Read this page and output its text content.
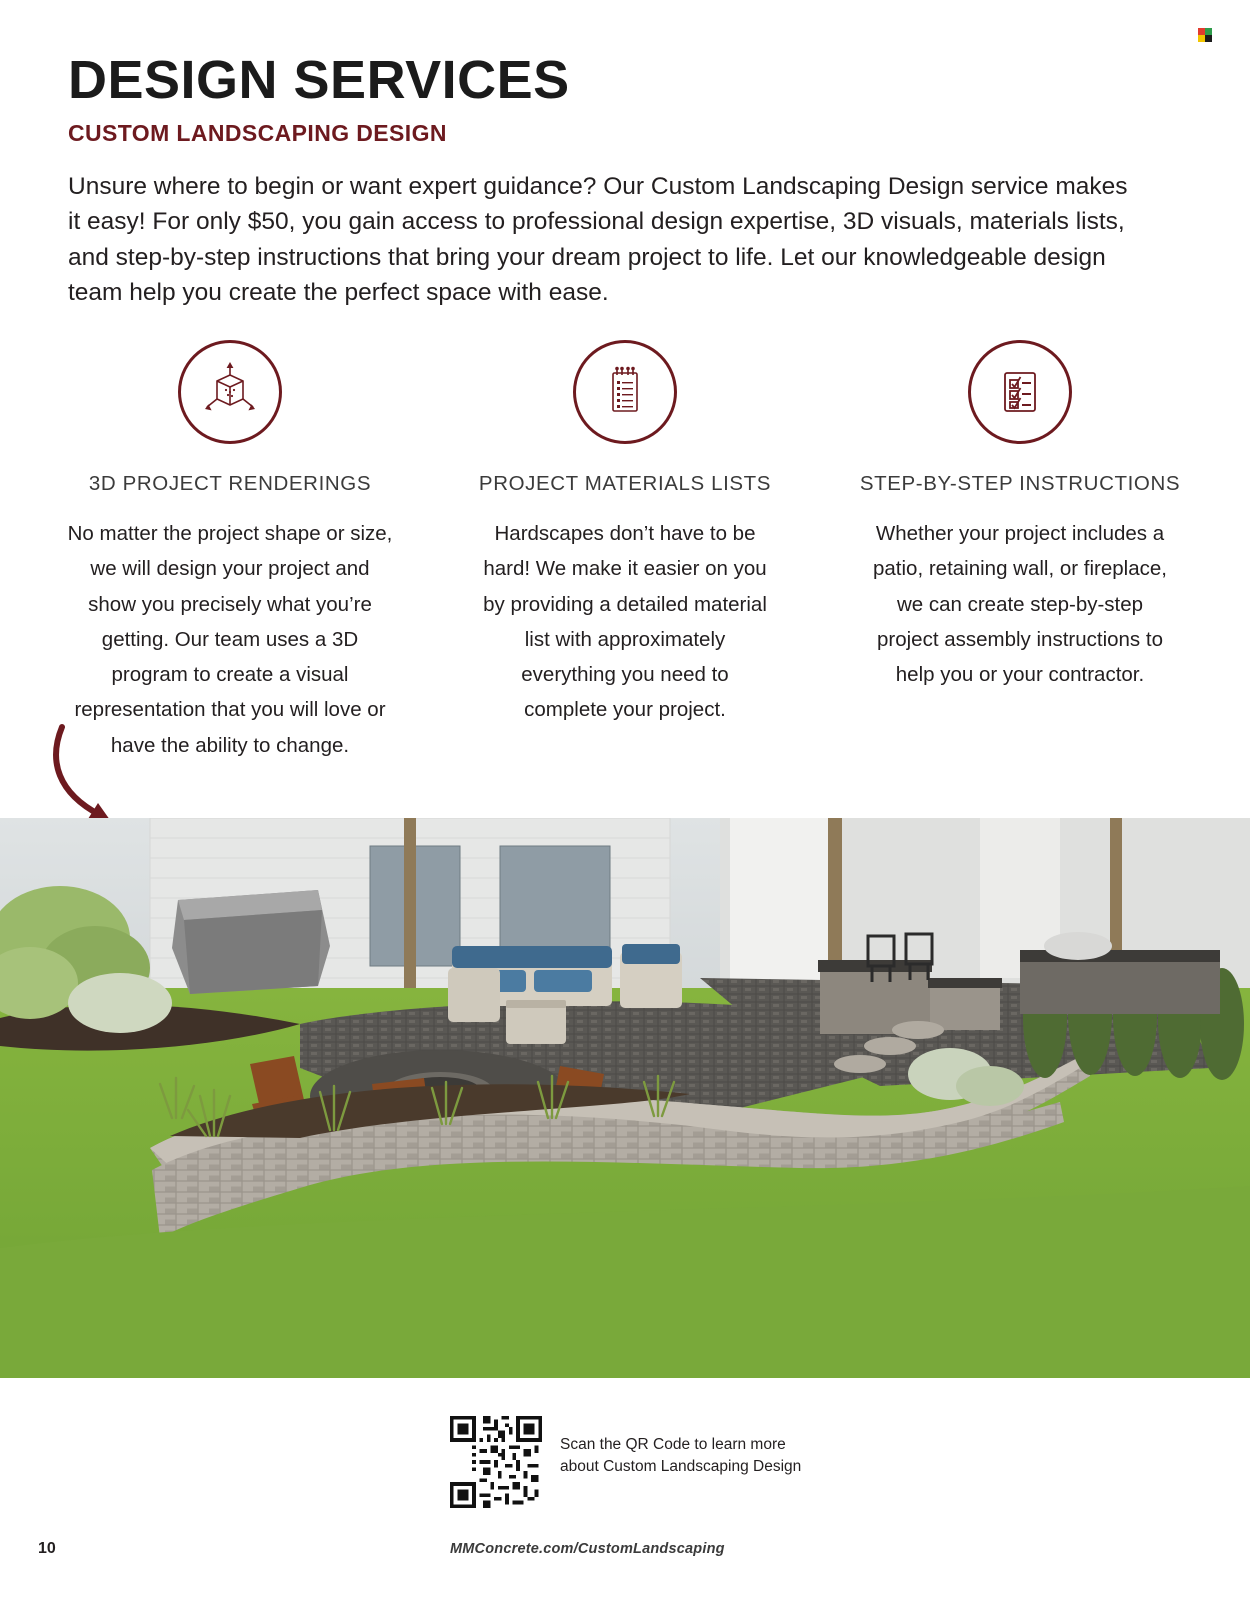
DESIGN SERVICES
CUSTOM LANDSCAPING DESIGN

Unsure where to begin or want expert guidance? Our Custom Landscaping Design service makes it easy! For only $50, you gain access to professional design expertise, 3D visuals, materials lists, and step-by-step instructions that bring your dream project to life. Let our knowledgeable design team help you create the perfect space with ease.

3D PROJECT RENDERINGS

No matter the project shape or size, we will design your project and show you precisely what you’re getting. Our team uses a 3D program to create a visual representation that you will love or have the ability to change.

PROJECT MATERIALS LISTS

Hardscapes don’t have to be hard! We make it easier on you by providing a detailed material list with approximately everything you need to complete your project.

STEP-BY-STEP INSTRUCTIONS

Whether your project includes a patio, retaining wall, or fireplace, we can create step-by-step project assembly instructions to help you or your contractor.

Scan the QR Code to learn more
about Custom Landscaping Design
MMConcrete.com/CustomLandscaping
10
